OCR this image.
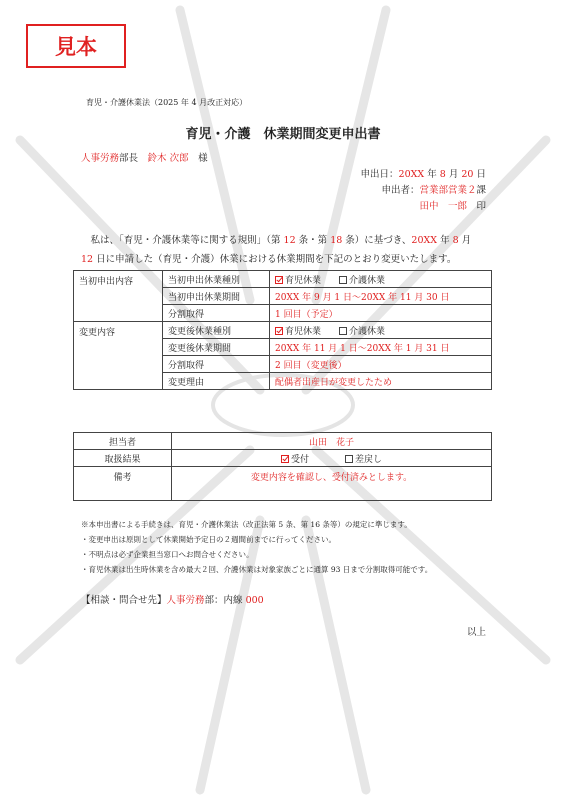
見本
育児・介護休業法（2025 年 4 月改正対応）
育児・介護　休業期間変更申出書
人事労務部長　 鈴木 次郎　 様
申出日：20XX 年 8 月 20 日
申出者：営業部営業２課
田中　一郎　 印
　私は、「育児・介護休業等に関する規則」（第 12 条・第 18 条）に基づき、20XX 年 8 月
12 日に申請した（育児・介護）休業における休業期間を下記のとおり変更いたします。
当初申出内容	当初申出休業種別	育児休業　　 介護休業
	当初申出休業期間	20XX 年 9 月 1 日～20XX 年 11 月 30 日
	分割取得	1 回目（予定）
変更内容	変更後休業種別	育児休業　　 介護休業
	変更後休業期間	20XX 年 11 月 1 日～20XX 年 1 月 31 日
	分割取得	2 回目（変更後）
	変更理由	配偶者出産日が変更したため
担当者	山田　花子
取扱結果	受付　　　　 差戻し
備考	変更内容を確認し、受付済みとします。
※本申出書による手続きは、育児・介護休業法（改正法第 5 条、第 16 条等）の規定に準じます。
・変更申出は原則として休業開始予定日の２週間前までに行ってください。
・不明点は必ず企業担当窓口へお問合せください。
・育児休業は出生時休業を含め最大２回、介護休業は対象家族ごとに通算 93 日まで分割取得可能です。
【相談・問合せ先】人事労務部：内線 000
以上
